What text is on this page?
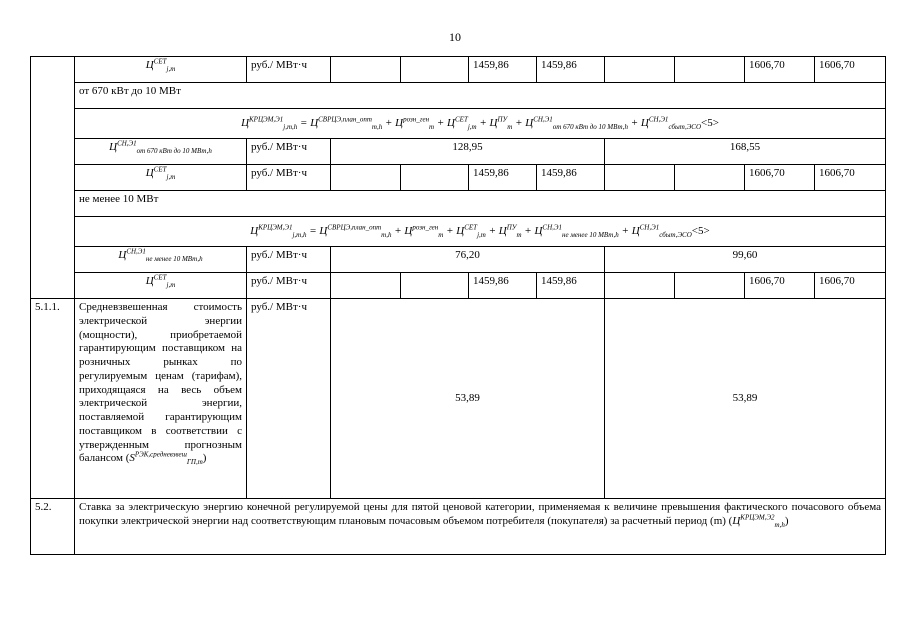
10
	$Ц^{СЕТ}_{j,m}$	руб./ МВт·ч			1459,86	1459,86			1606,70	1606,70
	от 670 кВт до 10 МВт									
	$Ц^{КРЦЭМ,Э1}_{j,m,h} = Ц^{СВРЦЭ,план\_опт}_{m,h} + Ц^{розн\_ген}_m + Ц^{СЕТ}_{j,m} + Ц^{ПУ}_m + Ц^{СН,Э1}_{от 670 кВт до 10 МВт,h} + Ц^{СН,Э1}_{сбыт,ЭСО}<5>$									
	$Ц^{СН,Э1}_{от 670 кВт до 10 МВт,h}$	руб./ МВт·ч	128,95				168,55			
	$Ц^{СЕТ}_{j,m}$	руб./ МВт·ч			1459,86	1459,86			1606,70	1606,70
	не менее 10 МВт									
	$Ц^{КРЦЭМ,Э1}_{j,m,h} = Ц^{СВРЦЭ,план\_опт}_{m,h} + Ц^{розн\_ген}_m + Ц^{СЕТ}_{j,m} + Ц^{ПУ}_m + Ц^{СН,Э1}_{не менее 10 МВт,h} + Ц^{СН,Э1}_{сбыт,ЭСО}<5>$									
	$Ц^{СН,Э1}_{не менее 10 МВт,h}$	руб./ МВт·ч	76,20				99,60			
	$Ц^{СЕТ}_{j,m}$	руб./ МВт·ч			1459,86	1459,86			1606,70	1606,70
5.1.1.	Средневзвешенная стоимость электрической энергии (мощности), приобретаемой гарантирующим поставщиком на розничных рынках по регулируемым ценам (тарифам), приходящаяся на весь объем электрической энергии, поставляемой гарантирующим поставщиком в соответствии с утвержденным прогнозным балансом $(S^{РЭК,средневзвеш}_{ГП,m})$	руб./ МВт·ч	53,89				53,89			
5.2.	Ставка за электрическую энергию конечной регулируемой цены для пятой ценовой категории, применяемая к величине превышения фактического почасового объема покупки электрической энергии над соответствующим плановым почасовым объемом потребителя (покупателя) за расчетный период (m) $(Ц^{КРЦЭМ,Э2}_{m,h})$									
